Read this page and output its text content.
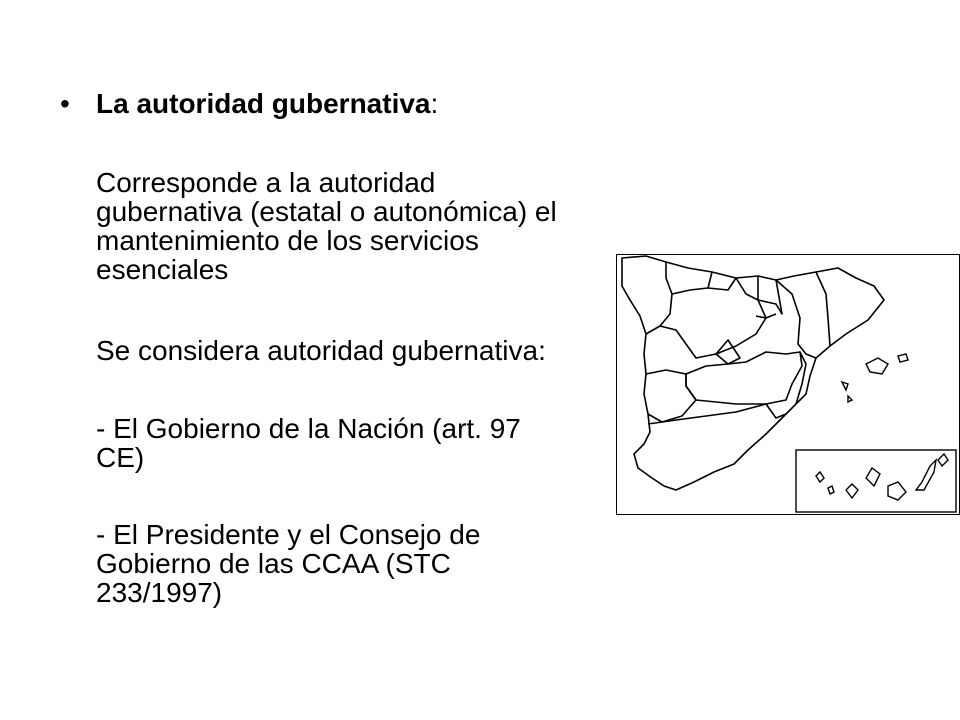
• La autoridad gubernativa:
Corresponde a la autoridad
gubernativa (estatal o autonómica) el
mantenimiento de los servicios
esenciales
Se considera autoridad gubernativa:
- El Gobierno de la Nación (art. 97
CE)
- El Presidente y el Consejo de
Gobierno de las CCAA (STC
233/1997)
